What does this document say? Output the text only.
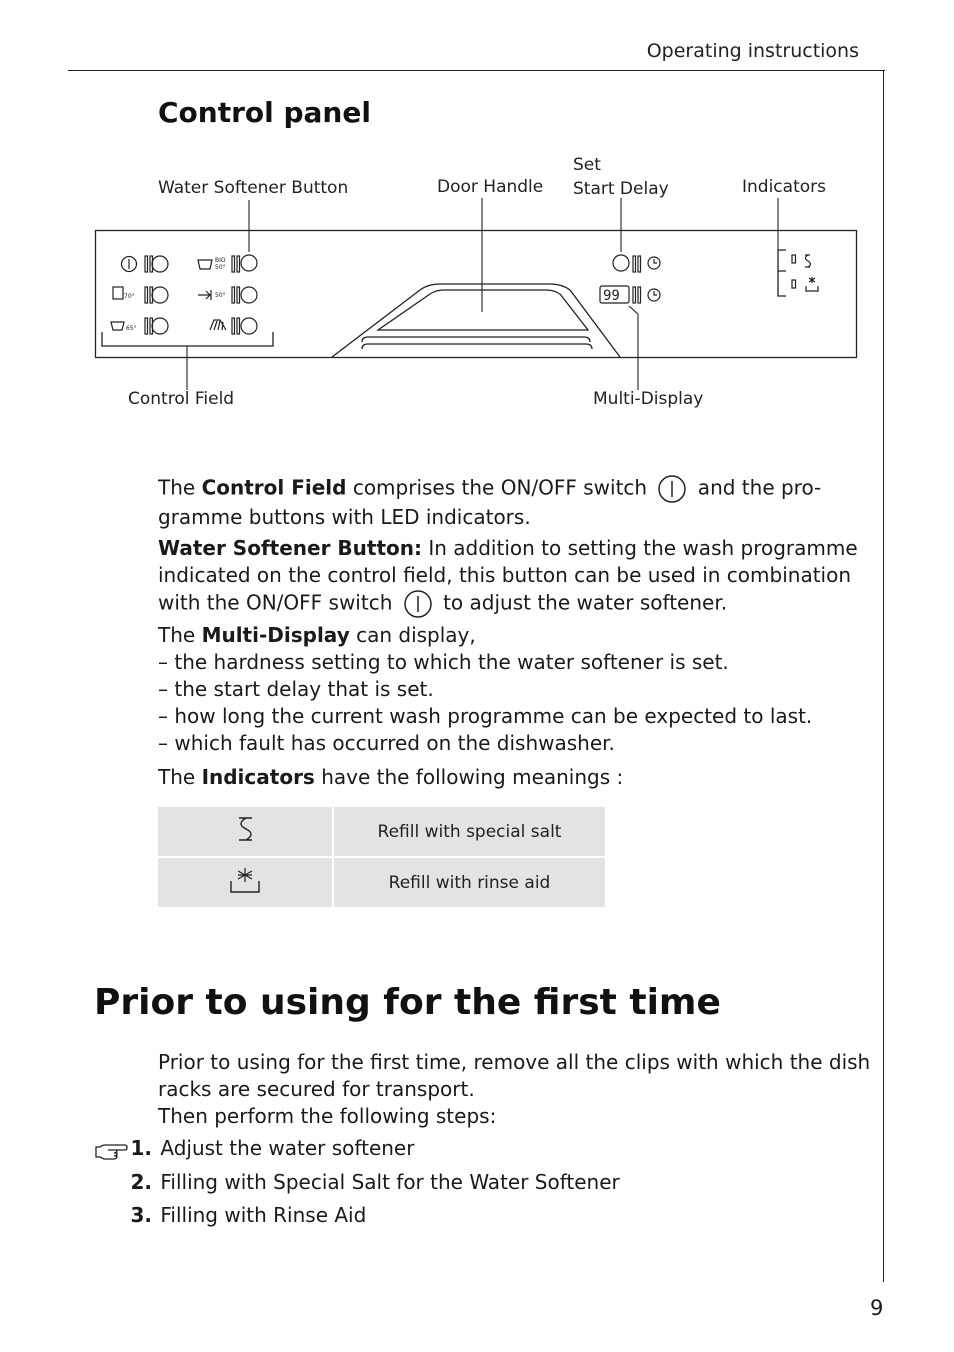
Operating instructions
Control panel
Water Softener Button	Door Handle
Set
Start Delay	Indicators
Control Field	Multi-Display
70°
65°
BIO
50°
50°	99
The Control Field comprises the ON/OFF switch  and the pro-gramme buttons with LED indicators.
Water Softener Button: In addition to setting the wash programme indicated on the control field, this button can be used in combination with the ON/OFF switch  to adjust the water softener.
The Multi-Display can display,
– the hardness setting to which the water softener is set.
– the start delay that is set.
– how long the current wash programme can be expected to last.
– which fault has occurred on the dishwasher.
The Indicators have the following meanings :
	Refill with special salt
	Refill with rinse aid
Prior to using for the first time
Prior to using for the first time, remove all the clips with which the dish
racks are secured for transport.
Then perform the following steps:
1. Adjust the water softener
2. Filling with Special Salt for the Water Softener
3. Filling with Rinse Aid
9
